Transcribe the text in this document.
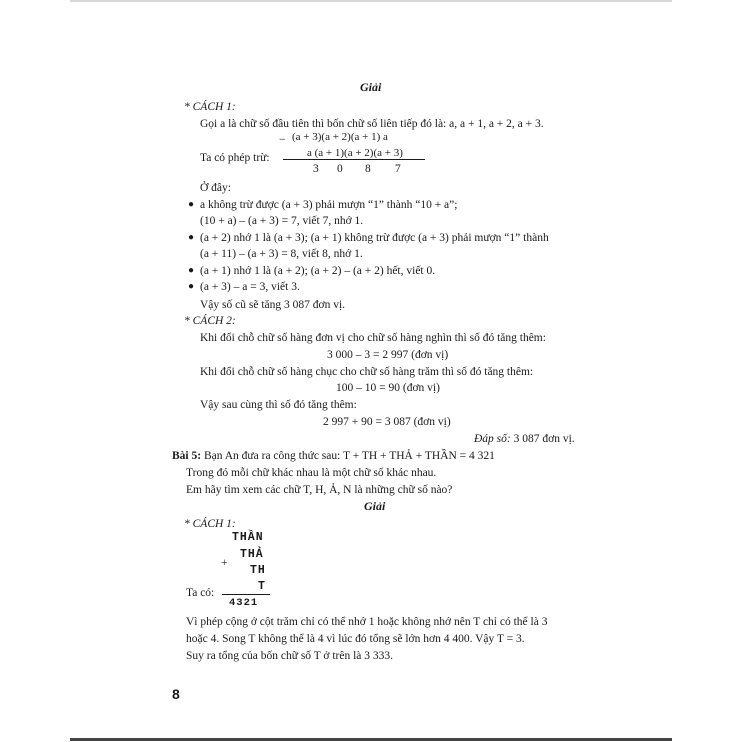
Giải
* CÁCH 1:
Gọi a là chữ số đầu tiên thì bốn chữ số liên tiếp đó là: a, a + 1, a + 2, a + 3.
− (a + 3)(a + 2)(a + 1) a
Ta có phép trừ:	a (a + 1)(a + 2)(a + 3)
3 0 8 7
Ở đây:
● a không trừ được (a + 3) phải mượn “1” thành “10 + a”;
(10 + a) – (a + 3) = 7, viết 7, nhớ 1.
● (a + 2) nhớ 1 là (a + 3); (a + 1) không trừ được (a + 3) phải mượn “1” thành
(a + 11) – (a + 3) = 8, viết 8, nhớ 1.
● (a + 1) nhớ 1 là (a + 2); (a + 2) – (a + 2) hết, viết 0.
● (a + 3) – a = 3, viết 3.
Vậy số cũ sẽ tăng 3 087 đơn vị.
* CÁCH 2:
Khi đổi chỗ chữ số hàng đơn vị cho chữ số hàng nghìn thì số đó tăng thêm:
3 000 – 3 = 2 997 (đơn vị)
Khi đổi chỗ chữ số hàng chục cho chữ số hàng trăm thì số đó tăng thêm:
100 – 10 = 90 (đơn vị)
Vậy sau cùng thì số đó tăng thêm:
2 997 + 90 = 3 087 (đơn vị)
Đáp số: 3 087 đơn vị.
Bài 5: Bạn An đưa ra công thức sau: T + TH + THẢ + THẦN = 4 321
Trong đó mỗi chữ khác nhau là một chữ số khác nhau.
Em hãy tìm xem các chữ T, H, Ả, N là những chữ số nào?
Giải
* CÁCH 1:
THẦN
THẢ
+
TH
T
Ta có:
4321
Vì phép cộng ở cột trăm chỉ có thể nhớ 1 hoặc không nhớ nên T chỉ có thể là 3
hoặc 4. Song T không thể là 4 vì lúc đó tổng sẽ lớn hơn 4 400. Vậy T = 3.
Suy ra tổng của bốn chữ số T ở trên là 3 333.
8
